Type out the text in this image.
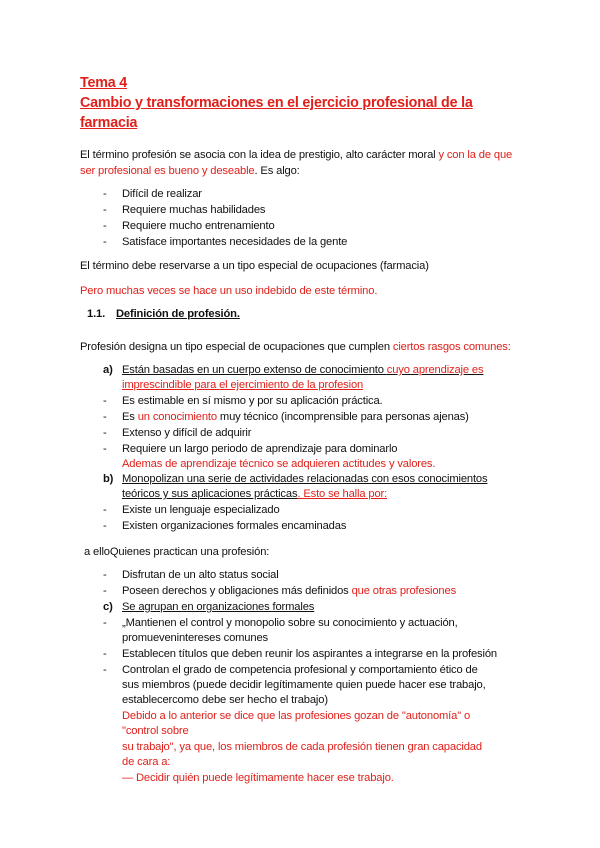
Tema 4
Cambio y transformaciones en el ejercicio profesional de la
farmacia
El término profesión se asocia con la idea de prestigio, alto carácter moral y con la de que
ser profesional es bueno y deseable. Es algo:
- Difícil de realizar
- Requiere muchas habilidades
- Requiere mucho entrenamiento
- Satisface importantes necesidades de la gente
El término debe reservarse a un tipo especial de ocupaciones (farmacia)
Pero muchas veces se hace un uso indebido de este término.
1.1. Definición de profesión.
Profesión designa un tipo especial de ocupaciones que cumplen ciertos rasgos comunes:
a) Están basadas en un cuerpo extenso de conocimiento cuyo aprendizaje es
imprescindible para el ejercimiento de la profesion
- Es estimable en sí mismo y por su aplicación práctica.
- Es un conocimiento muy técnico (incomprensible para personas ajenas)
- Extenso y difícil de adquirir
- Requiere un largo periodo de aprendizaje para dominarlo
Ademas de aprendizaje técnico se adquieren actitudes y valores.
b) Monopolizan una serie de actividades relacionadas con esos conocimientos
teóricos y sus aplicaciones prácticas. Esto se halla por:
- Existe un lenguaje especializado
- Existen organizaciones formales encaminadas
a elloQuienes practican una profesión:
- Disfrutan de un alto status social
- Poseen derechos y obligaciones más definidos que otras profesiones
c) Se agrupan en organizaciones formales
- „Mantienen el control y monopolio sobre su conocimiento y actuación,
promuevenintereses comunes
- Establecen títulos que deben reunir los aspirantes a integrarse en la profesión
- Controlan el grado de competencia profesional y comportamiento ético de
sus miembros (puede decidir legítimamente quien puede hacer ese trabajo,
establecercomo debe ser hecho el trabajo)
Debido a lo anterior se dice que las profesiones gozan de "autonomía" o
"control sobre
su trabajo", ya que, los miembros de cada profesión tienen gran capacidad
de cara a:
— Decidir quién puede legítimamente hacer ese trabajo.
